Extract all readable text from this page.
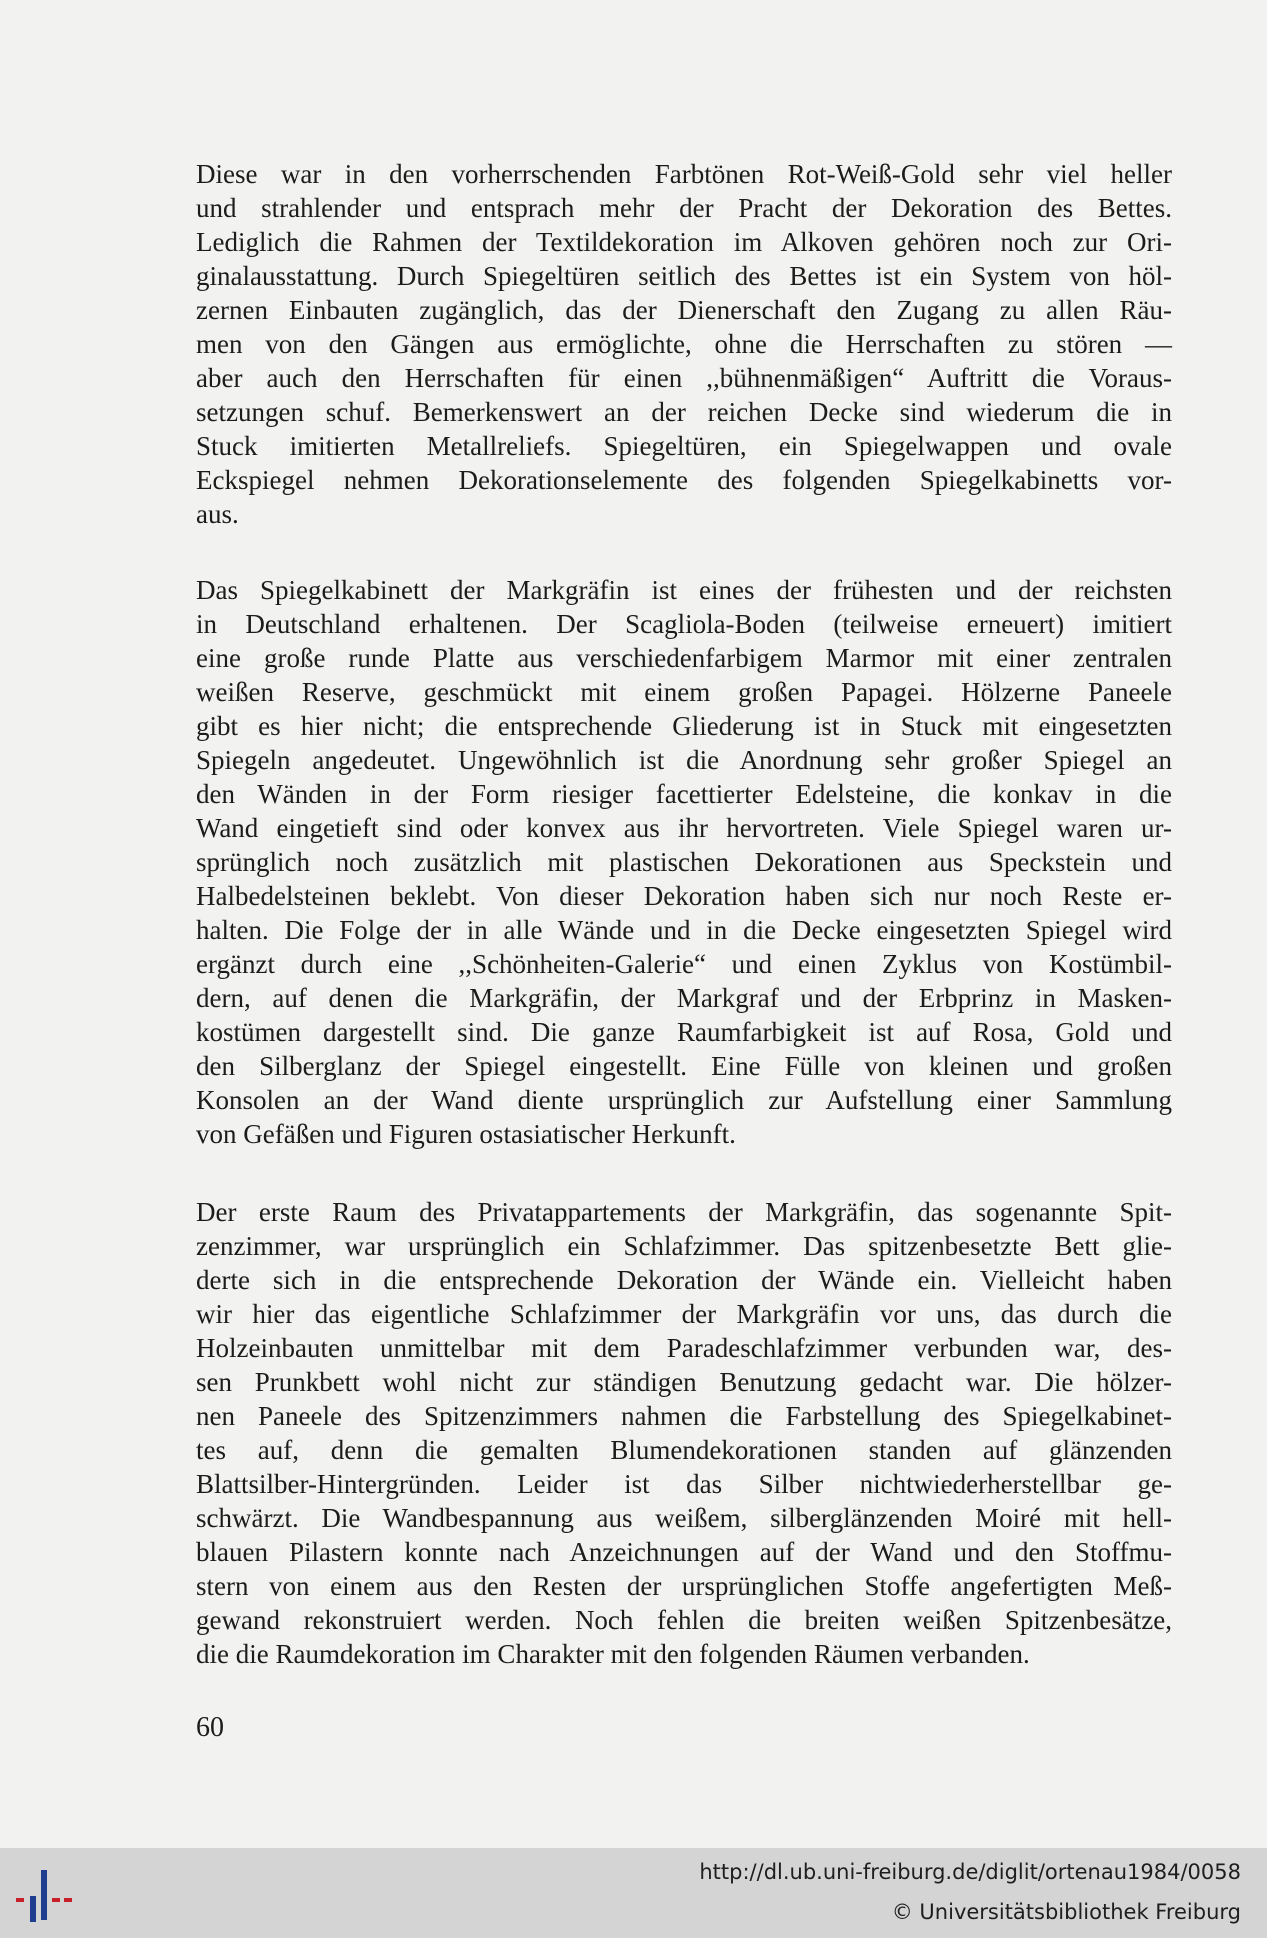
Diese war in den vorherrschenden Farbtönen Rot-Weiß-Gold sehr viel heller
und strahlender und entsprach mehr der Pracht der Dekoration des Bettes.
Lediglich die Rahmen der Textildekoration im Alkoven gehören noch zur Ori-
ginalausstattung. Durch Spiegeltüren seitlich des Bettes ist ein System von höl-
zernen Einbauten zugänglich, das der Dienerschaft den Zugang zu allen Räu-
men von den Gängen aus ermöglichte, ohne die Herrschaften zu stören —
aber auch den Herrschaften für einen ,,bühnenmäßigen“ Auftritt die Voraus-
setzungen schuf. Bemerkenswert an der reichen Decke sind wiederum die in
Stuck imitierten Metallreliefs. Spiegeltüren, ein Spiegelwappen und ovale
Eckspiegel nehmen Dekorationselemente des folgenden Spiegelkabinetts vor-
aus.
Das Spiegelkabinett der Markgräfin ist eines der frühesten und der reichsten
in Deutschland erhaltenen. Der Scagliola-Boden (teilweise erneuert) imitiert
eine große runde Platte aus verschiedenfarbigem Marmor mit einer zentralen
weißen Reserve, geschmückt mit einem großen Papagei. Hölzerne Paneele
gibt es hier nicht; die entsprechende Gliederung ist in Stuck mit eingesetzten
Spiegeln angedeutet. Ungewöhnlich ist die Anordnung sehr großer Spiegel an
den Wänden in der Form riesiger facettierter Edelsteine, die konkav in die
Wand eingetieft sind oder konvex aus ihr hervortreten. Viele Spiegel waren ur-
sprünglich noch zusätzlich mit plastischen Dekorationen aus Speckstein und
Halbedelsteinen beklebt. Von dieser Dekoration haben sich nur noch Reste er-
halten. Die Folge der in alle Wände und in die Decke eingesetzten Spiegel wird
ergänzt durch eine ,,Schönheiten-Galerie“ und einen Zyklus von Kostümbil-
dern, auf denen die Markgräfin, der Markgraf und der Erbprinz in Masken-
kostümen dargestellt sind. Die ganze Raumfarbigkeit ist auf Rosa, Gold und
den Silberglanz der Spiegel eingestellt. Eine Fülle von kleinen und großen
Konsolen an der Wand diente ursprünglich zur Aufstellung einer Sammlung
von Gefäßen und Figuren ostasiatischer Herkunft.
Der erste Raum des Privatappartements der Markgräfin, das sogenannte Spit-
zenzimmer, war ursprünglich ein Schlafzimmer. Das spitzenbesetzte Bett glie-
derte sich in die entsprechende Dekoration der Wände ein. Vielleicht haben
wir hier das eigentliche Schlafzimmer der Markgräfin vor uns, das durch die
Holzeinbauten unmittelbar mit dem Paradeschlafzimmer verbunden war, des-
sen Prunkbett wohl nicht zur ständigen Benutzung gedacht war. Die hölzer-
nen Paneele des Spitzenzimmers nahmen die Farbstellung des Spiegelkabinet-
tes auf, denn die gemalten Blumendekorationen standen auf glänzenden
Blattsilber-Hintergründen. Leider ist das Silber nichtwiederherstellbar ge-
schwärzt. Die Wandbespannung aus weißem, silberglänzenden Moiré mit hell-
blauen Pilastern konnte nach Anzeichnungen auf der Wand und den Stoffmu-
stern von einem aus den Resten der ursprünglichen Stoffe angefertigten Meß-
gewand rekonstruiert werden. Noch fehlen die breiten weißen Spitzenbesätze,
die die Raumdekoration im Charakter mit den folgenden Räumen verbanden.
60
http://dl.ub.uni-freiburg.de/diglit/ortenau1984/0058
© Universitätsbibliothek Freiburg
